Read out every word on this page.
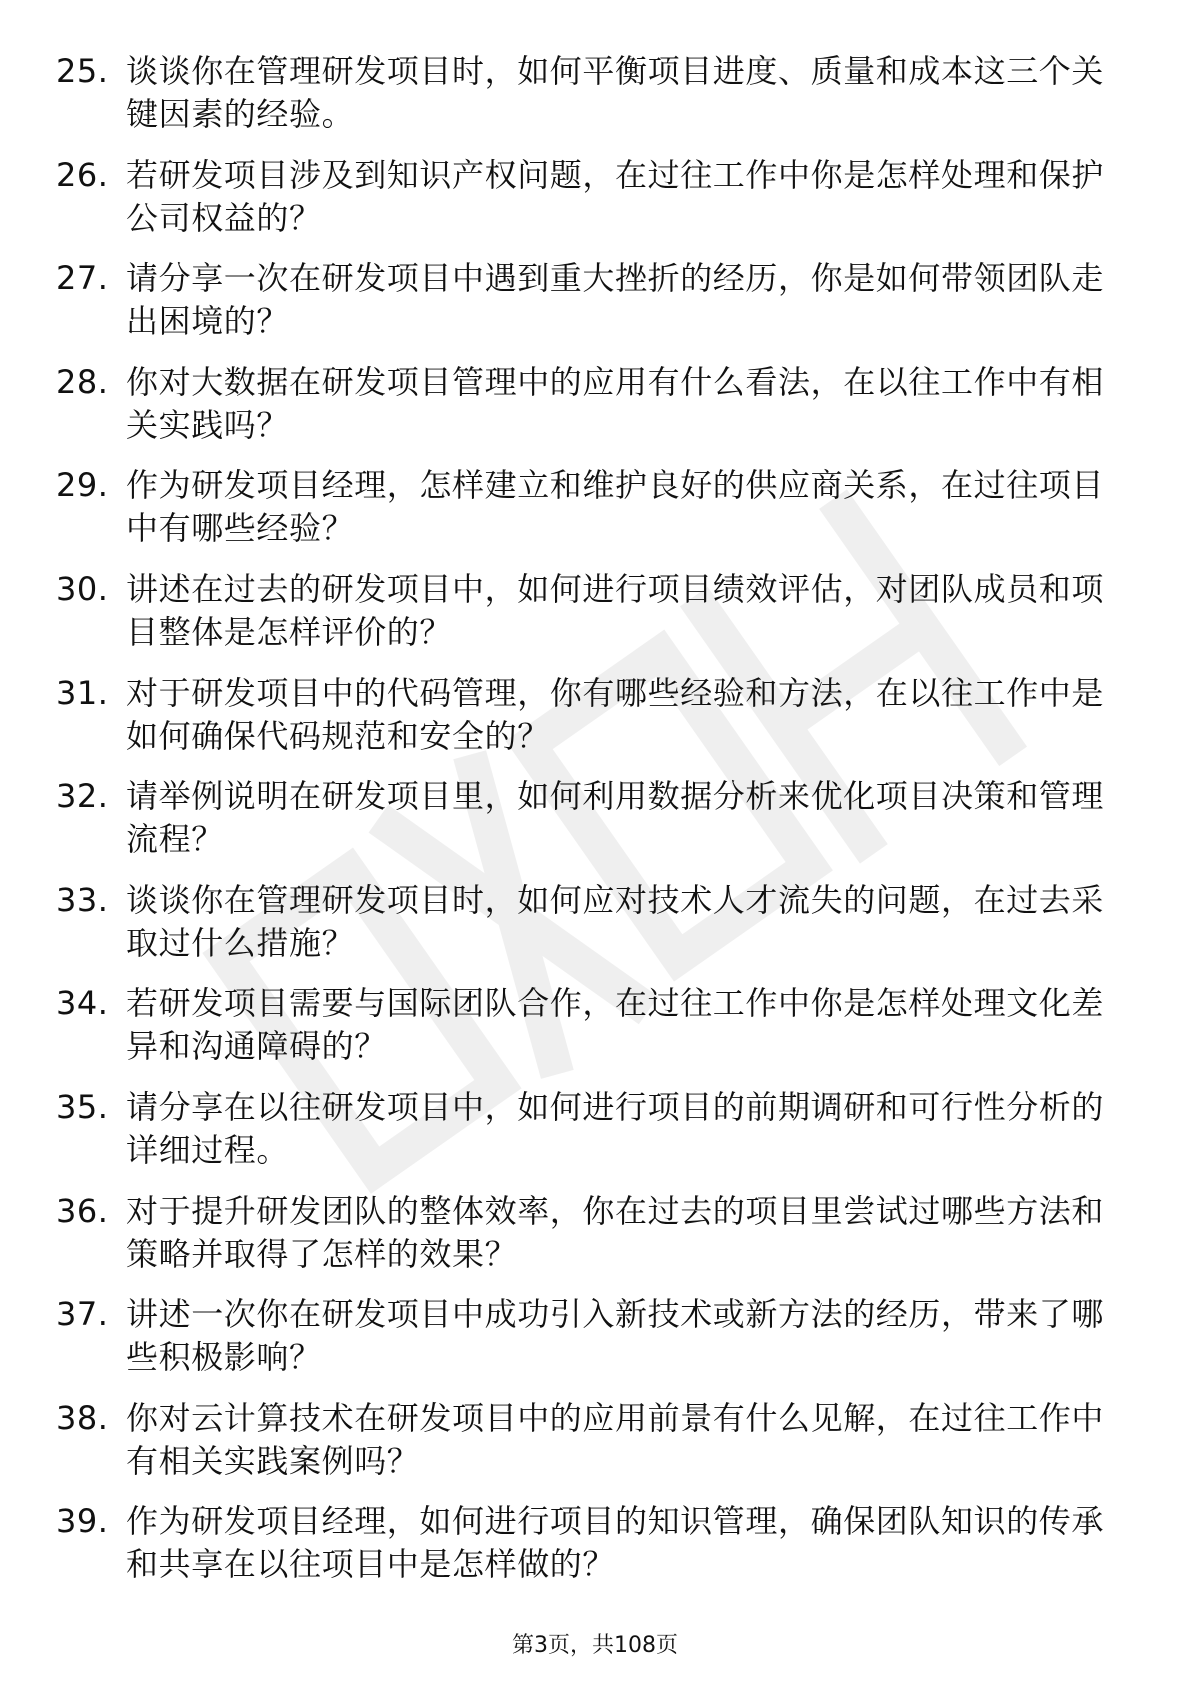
25. 谈谈你在管理研发项目时，如何平衡项目进度、质量和成本这三个关键因素的经验。
26. 若研发项目涉及到知识产权问题，在过往工作中你是怎样处理和保护公司权益的？
27. 请分享一次在研发项目中遇到重大挫折的经历，你是如何带领团队走出困境的？
28. 你对大数据在研发项目管理中的应用有什么看法，在以往工作中有相关实践吗？
29. 作为研发项目经理，怎样建立和维护良好的供应商关系，在过往项目中有哪些经验？
30. 讲述在过去的研发项目中，如何进行项目绩效评估，对团队成员和项目整体是怎样评价的？
31. 对于研发项目中的代码管理，你有哪些经验和方法，在以往工作中是如何确保代码规范和安全的？
32. 请举例说明在研发项目里，如何利用数据分析来优化项目决策和管理流程？
33. 谈谈你在管理研发项目时，如何应对技术人才流失的问题，在过去采取过什么措施？
34. 若研发项目需要与国际团队合作，在过往工作中你是怎样处理文化差异和沟通障碍的？
35. 请分享在以往研发项目中，如何进行项目的前期调研和可行性分析的详细过程。
36. 对于提升研发团队的整体效率，你在过去的项目里尝试过哪些方法和策略并取得了怎样的效果？
37. 讲述一次你在研发项目中成功引入新技术或新方法的经历，带来了哪些积极影响？
38. 你对云计算技术在研发项目中的应用前景有什么见解，在过往工作中有相关实践案例吗？
39. 作为研发项目经理，如何进行项目的知识管理，确保团队知识的传承和共享在以往项目中是怎样做的？
第3页，共108页
